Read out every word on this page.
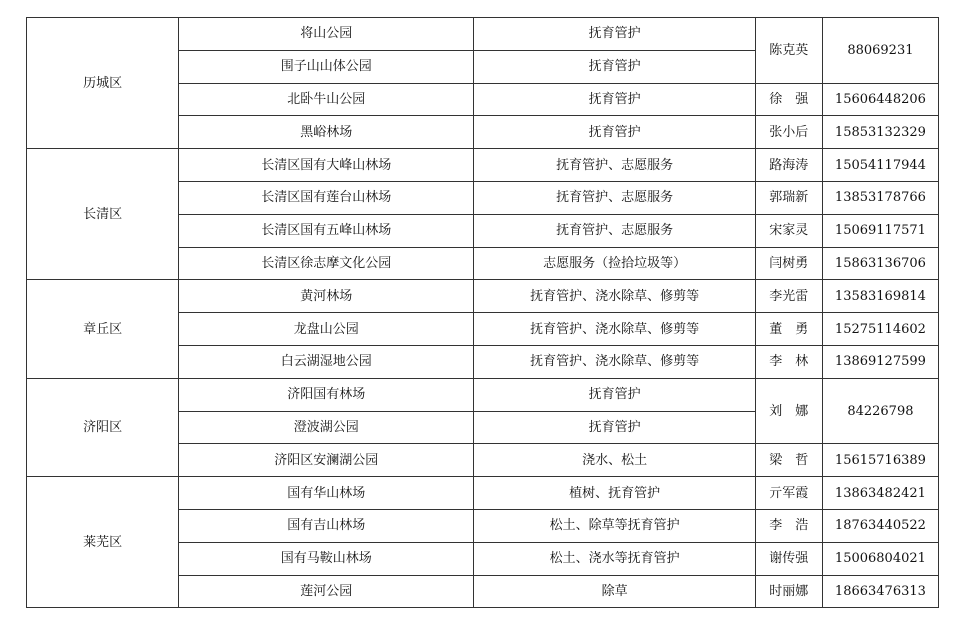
历城区	将山公园	抚育管护	陈克英	88069231
	围子山山体公园	抚育管护		
	北卧牛山公园	抚育管护	徐　强	15606448206
	黑峪林场	抚育管护	张小后	15853132329
长清区	长清区国有大峰山林场	抚育管护、志愿服务	路海涛	15054117944
	长清区国有莲台山林场	抚育管护、志愿服务	郭瑞新	13853178766
	长清区国有五峰山林场	抚育管护、志愿服务	宋家灵	15069117571
	长清区徐志摩文化公园	志愿服务（捡拾垃圾等）	闫树勇	15863136706
章丘区	黄河林场	抚育管护、浇水除草、修剪等	李光雷	13583169814
	龙盘山公园	抚育管护、浇水除草、修剪等	董　勇	15275114602
	白云湖湿地公园	抚育管护、浇水除草、修剪等	李　林	13869127599
济阳区	济阳国有林场	抚育管护	刘　娜	84226798
	澄波湖公园	抚育管护		
	济阳区安澜湖公园	浇水、松土	梁　哲	15615716389
莱芜区	国有华山林场	植树、抚育管护	亓军霞	13863482421
	国有吉山林场	松土、除草等抚育管护	李　浩	18763440522
	国有马鞍山林场	松土、浇水等抚育管护	谢传强	15006804021
	莲河公园	除草	时丽娜	18663476313
